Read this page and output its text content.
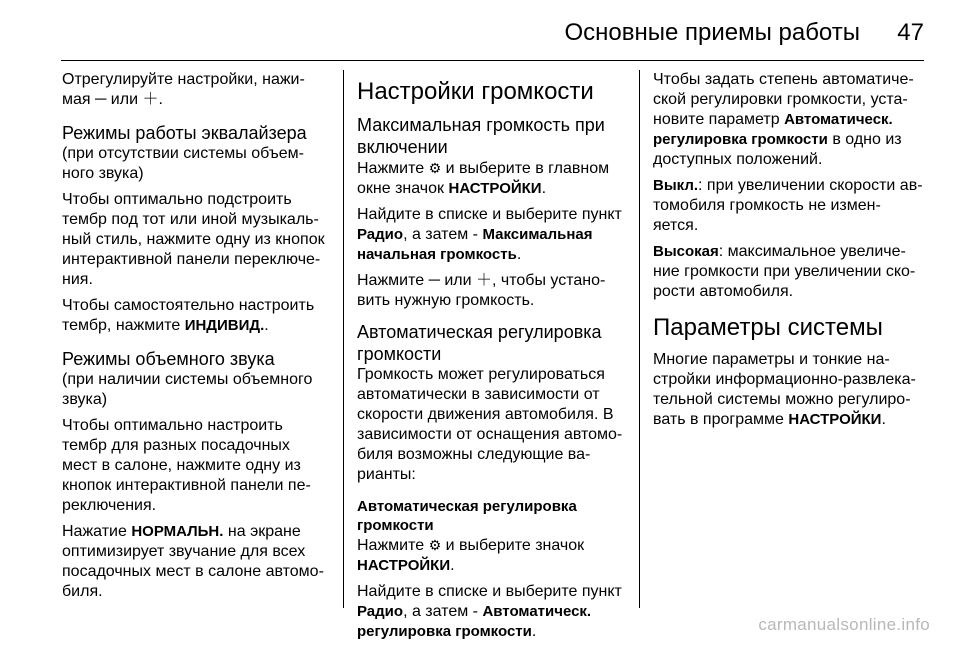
Основные приемы работы	47

Отрегулируйте настройки, нажи-
мая ─ или ＋.

Режимы работы эквалайзера

(при отсутствии системы объем-
ного звука)

Чтобы оптимально подстроить
тембр под тот или иной музыкаль-
ный стиль, нажмите одну из кнопок
интерактивной панели переключе-
ния.

Чтобы самостоятельно настроить
тембр, нажмите ИНДИВИД..

Режимы объемного звука

(при наличии системы объемного
звука)

Чтобы оптимально настроить
тембр для разных посадочных
мест в салоне, нажмите одну из
кнопок интерактивной панели пе-
реключения.

Нажатие НОРМАЛЬН. на экране
оптимизирует звучание для всех
посадочных мест в салоне автомо-
биля.

Настройки громкости
Максимальная громкость при
включении

Нажмите ⚙ и выберите в главном
окне значок НАСТРОЙКИ.

Найдите в списке и выберите пункт
Радио, а затем - Максимальная
начальная громкость.

Нажмите ─ или ＋, чтобы устано-
вить нужную громкость.

Автоматическая регулировка
громкости

Громкость может регулироваться
автоматически в зависимости от
скорости движения автомобиля. В
зависимости от оснащения автомо-
биля возможны следующие ва-
рианты:

Автоматическая регулировка
громкости

Нажмите ⚙ и выберите значок
НАСТРОЙКИ.

Найдите в списке и выберите пункт
Радио, а затем - Автоматическ.
регулировка громкости.

Чтобы задать степень автоматиче-
ской регулировки громкости, уста-
новите параметр Автоматическ.
регулировка громкости в одно из
доступных положений.

Выкл.: при увеличении скорости ав-
томобиля громкость не измен-
яется.

Высокая: максимальное увеличе-
ние громкости при увеличении ско-
рости автомобиля.

Параметры системы

Многие параметры и тонкие на-
стройки информационно-развлека-
тельной системы можно регулиро-
вать в программе НАСТРОЙКИ.

carmanualsonline.info
